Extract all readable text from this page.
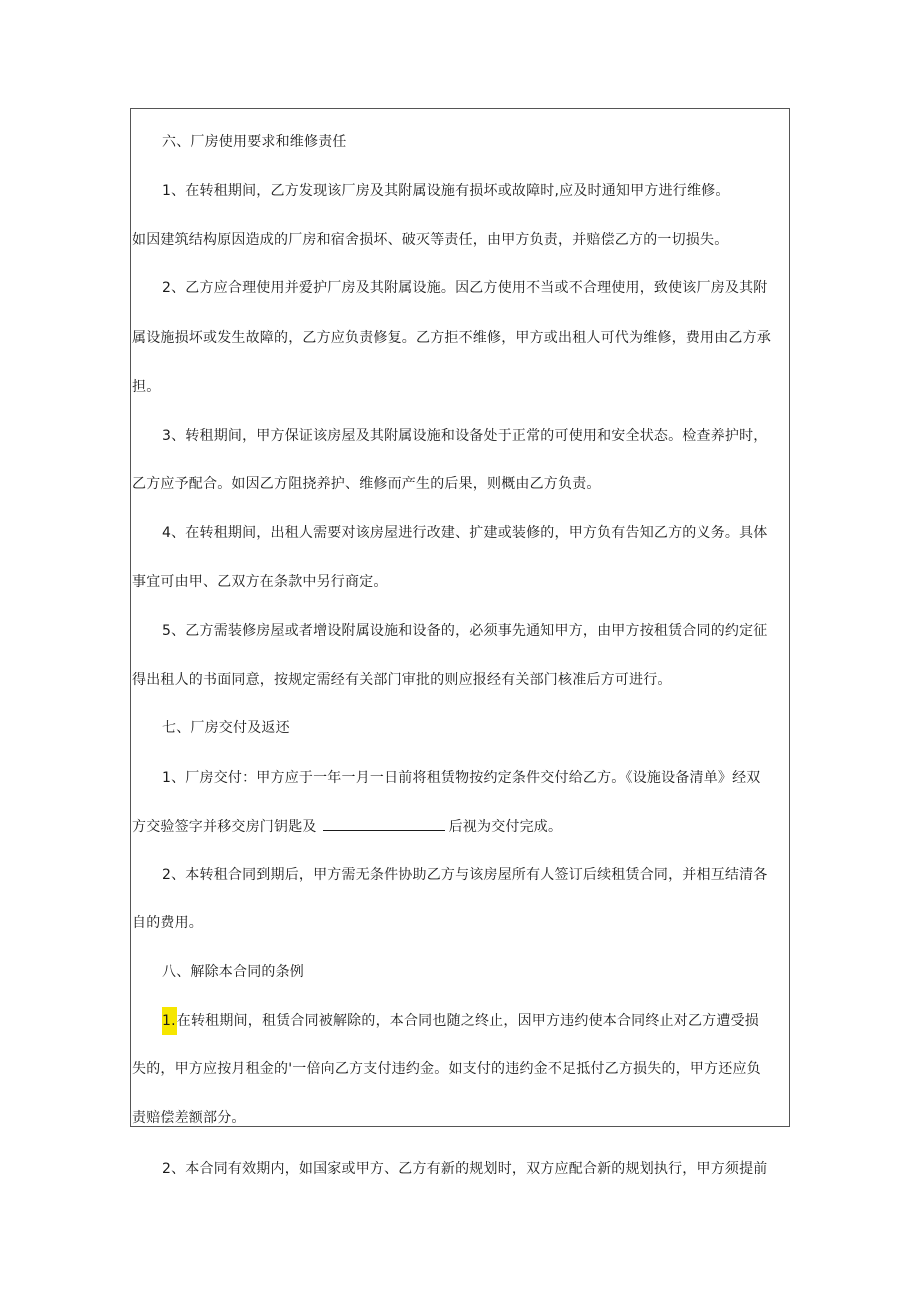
六、厂房使用要求和维修责任
1、在转租期间，乙方发现该厂房及其附属设施有损坏或故障时,应及时通知甲方进行维修。
如因建筑结构原因造成的厂房和宿舍损坏、破灭等责任，由甲方负责，并赔偿乙方的一切损失。
2、乙方应合理使用并爱护厂房及其附属设施。因乙方使用不当或不合理使用，致使该厂房及其附
属设施损坏或发生故障的，乙方应负责修复。乙方拒不维修，甲方或出租人可代为维修，费用由乙方承
担。
3、转租期间，甲方保证该房屋及其附属设施和设备处于正常的可使用和安全状态。检查养护时，
乙方应予配合。如因乙方阻挠养护、维修而产生的后果，则概由乙方负责。
4、在转租期间，出租人需要对该房屋进行改建、扩建或装修的，甲方负有告知乙方的义务。具体
事宜可由甲、乙双方在条款中另行商定。
5、乙方需装修房屋或者增设附属设施和设备的，必须事先通知甲方，由甲方按租赁合同的约定征
得出租人的书面同意，按规定需经有关部门审批的则应报经有关部门核准后方可进行。
七、厂房交付及返还
1、厂房交付：甲方应于一年一月一日前将租赁物按约定条件交付给乙方。《设施设备清单》经双
方交验签字并移交房门钥匙及	后视为交付完成。
2、本转租合同到期后，甲方需无条件协助乙方与该房屋所有人签订后续租赁合同，并相互结清各
自的费用。
八、解除本合同的条例
1.在转租期间，租赁合同被解除的，本合同也随之终止，因甲方违约使本合同终止对乙方遭受损
失的，甲方应按月租金的'一倍向乙方支付违约金。如支付的违约金不足抵付乙方损失的，甲方还应负
责赔偿差额部分。
2、本合同有效期内，如国家或甲方、乙方有新的规划时，双方应配合新的规划执行，甲方须提前
